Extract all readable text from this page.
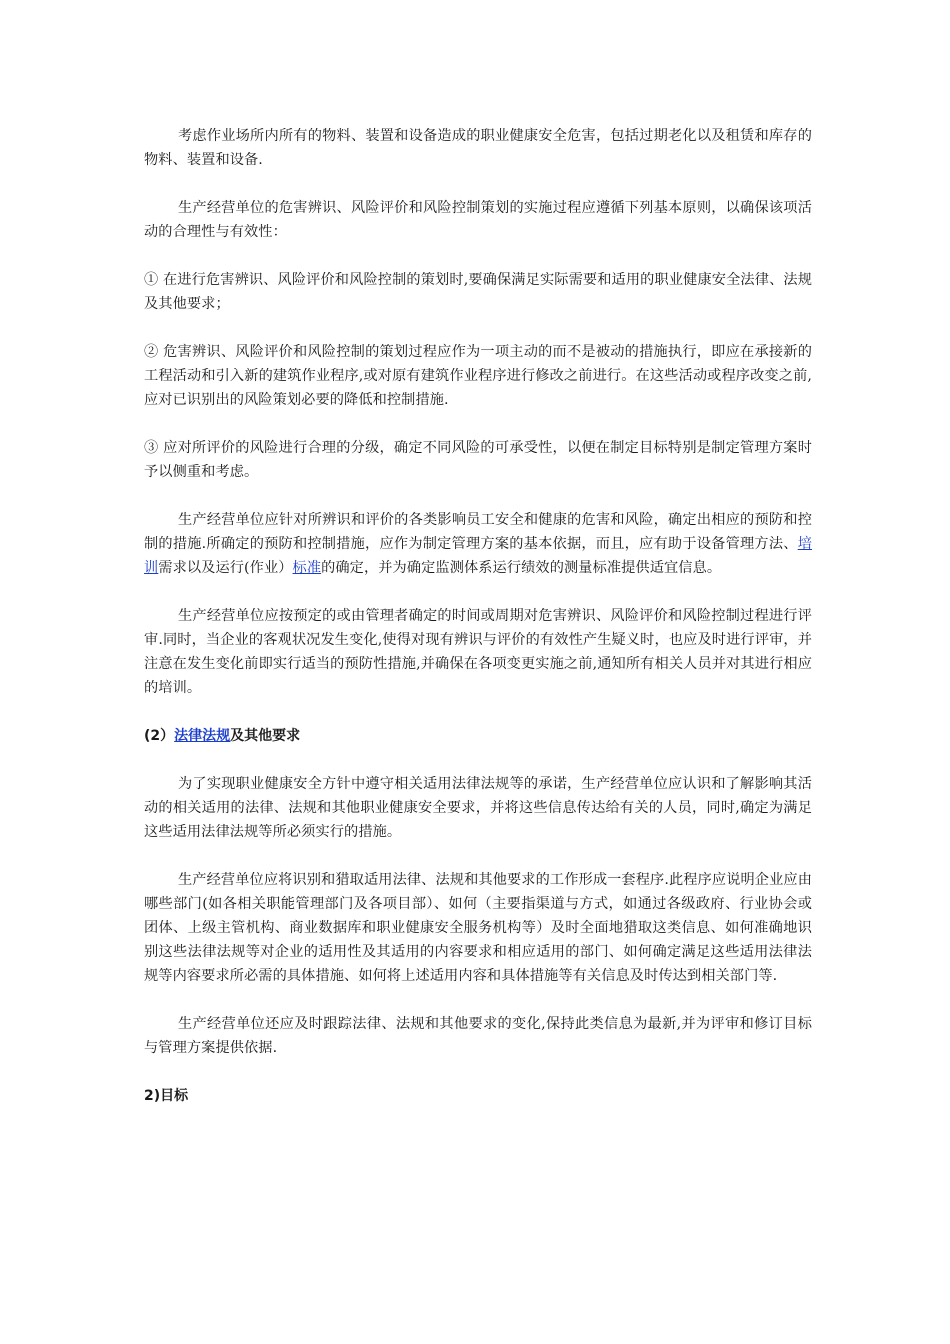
考虑作业场所内所有的物料、装置和设备造成的职业健康安全危害，包括过期老化以及租赁和库存的物料、装置和设备.

生产经营单位的危害辨识、风险评价和风险控制策划的实施过程应遵循下列基本原则，以确保该项活动的合理性与有效性：

① 在进行危害辨识、风险评价和风险控制的策划时,要确保满足实际需要和适用的职业健康安全法律、法规及其他要求；

② 危害辨识、风险评价和风险控制的策划过程应作为一项主动的而不是被动的措施执行，即应在承接新的工程活动和引入新的建筑作业程序,或对原有建筑作业程序进行修改之前进行。在这些活动或程序改变之前,应对已识别出的风险策划必要的降低和控制措施.

③ 应对所评价的风险进行合理的分级，确定不同风险的可承受性，以便在制定目标特别是制定管理方案时予以侧重和考虑。

生产经营单位应针对所辨识和评价的各类影响员工安全和健康的危害和风险，确定出相应的预防和控制的措施.所确定的预防和控制措施，应作为制定管理方案的基本依据，而且，应有助于设备管理方法、培训需求以及运行(作业）标准的确定，并为确定监测体系运行绩效的测量标准提供适宜信息。

生产经营单位应按预定的或由管理者确定的时间或周期对危害辨识、风险评价和风险控制过程进行评审.同时，当企业的客观状况发生变化,使得对现有辨识与评价的有效性产生疑义时，也应及时进行评审，并注意在发生变化前即实行适当的预防性措施,并确保在各项变更实施之前,通知所有相关人员并对其进行相应的培训。

(2）法律法规及其他要求

为了实现职业健康安全方针中遵守相关适用法律法规等的承诺，生产经营单位应认识和了解影响其活动的相关适用的法律、法规和其他职业健康安全要求，并将这些信息传达给有关的人员，同时,确定为满足这些适用法律法规等所必须实行的措施。

生产经营单位应将识别和猎取适用法律、法规和其他要求的工作形成一套程序.此程序应说明企业应由哪些部门(如各相关职能管理部门及各项目部）、如何（主要指渠道与方式，如通过各级政府、行业协会或团体、上级主管机构、商业数据库和职业健康安全服务机构等）及时全面地猎取这类信息、如何准确地识别这些法律法规等对企业的适用性及其适用的内容要求和相应适用的部门、如何确定满足这些适用法律法规等内容要求所必需的具体措施、如何将上述适用内容和具体措施等有关信息及时传达到相关部门等.

生产经营单位还应及时跟踪法律、法规和其他要求的变化,保持此类信息为最新,并为评审和修订目标与管理方案提供依据.

2)目标
